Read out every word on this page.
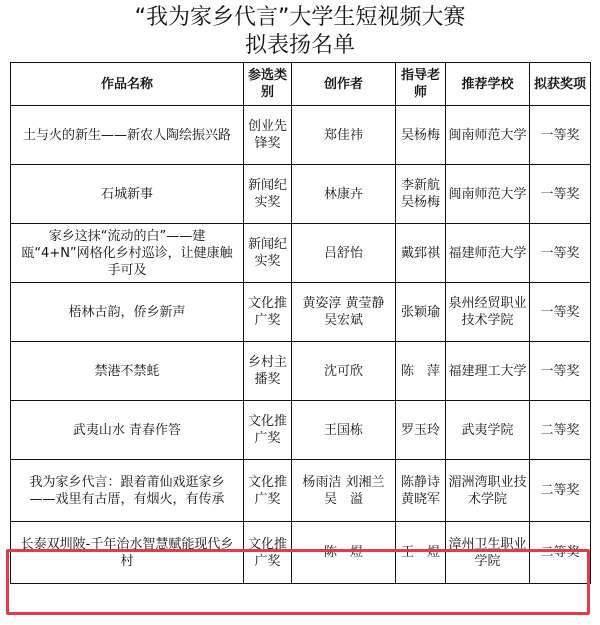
“我为家乡代言”大学生短视频大赛
拟表扬名单
作品名称	参选类别	创作者	指导老师	推荐学校	拟获奖项
土与火的新生——新农人陶绘振兴路	创业先锋奖	郑佳祎	吴杨梅	闽南师范大学	一等奖
石城新事	新闻纪实奖	林康卉	李新航 吴杨梅	闽南师范大学	一等奖
家乡这抹“流动的白”——建瓯“4+N”网格化乡村巡诊，让健康触手可及	新闻纪实奖	吕舒怡	戴郅祺	福建师范大学	一等奖
梧林古韵，侨乡新声	文化推广奖	黄姿淳 黄莹静 吴宏斌	张颖瑜	泉州经贸职业技术学院	一等奖
禁港不禁蚝	乡村主播奖	沈可欣	陈　萍	福建理工大学	一等奖
武夷山水 青春作答	文化推广奖	王国栋	罗玉玲	武夷学院	二等奖
我为家乡代言：跟着莆仙戏逛家乡——戏里有古厝，有烟火，有传承	文化推广奖	杨雨洁 刘湘兰 吴　溢	陈静诗 黄晓军	湄洲湾职业技术学院	二等奖
长泰双圳陂-千年治水智慧赋能现代乡村	文化推广奖	陈　煜	王　煜	漳州卫生职业学院	二等奖
